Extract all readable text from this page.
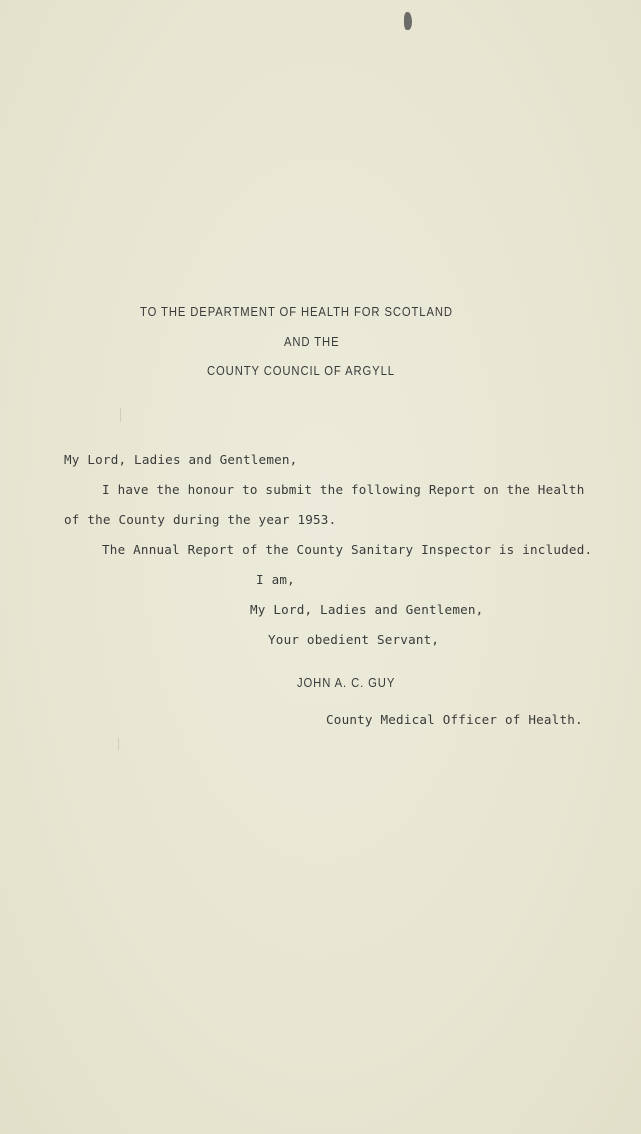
TO THE DEPARTMENT OF HEALTH FOR SCOTLAND
AND THE
COUNTY COUNCIL OF ARGYLL
My Lord, Ladies and Gentlemen,
I have the honour to submit the following Report on the Health
of the County during the year 1953.
The Annual Report of the County Sanitary Inspector is included.
I am,
My Lord, Ladies and Gentlemen,
Your obedient Servant,
JOHN A. C. GUY
County Medical Officer of Health.
